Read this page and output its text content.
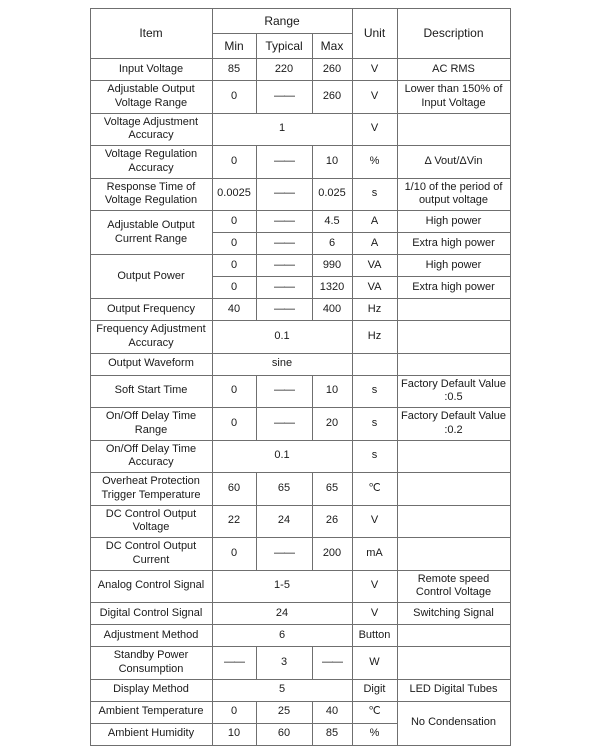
Item	Range			Unit	Description
	Min	Typical	Max		
Input Voltage	85	220	260	V	AC RMS
Adjustable Output Voltage Range	0	——	260	V	Lower than 150% of Input Voltage
Voltage Adjustment Accuracy	1			V	
Voltage Regulation Accuracy	0	——	10	%	Δ Vout/ΔVin
Response Time of Voltage Regulation	0.0025	——	0.025	s	1/10 of the period of output voltage
Adjustable Output Current Range	0	——	4.5	A	High power
	0	——	6	A	Extra high power
Output Power	0	——	990	VA	High power
	0	——	1320	VA	Extra high power
Output Frequency	40	——	400	Hz	
Frequency Adjustment Accuracy	0.1			Hz	
Output Waveform	sine				
Soft Start Time	0	——	10	s	Factory Default Value :0.5
On/Off Delay Time Range	0	——	20	s	Factory Default Value :0.2
On/Off Delay Time Accuracy	0.1			s	
Overheat Protection Trigger Temperature	60	65	65	℃	
DC Control Output Voltage	22	24	26	V	
DC Control Output Current	0	——	200	mA	
Analog Control Signal	1-5			V	Remote speed Control Voltage
Digital Control Signal	24			V	Switching Signal
Adjustment Method	6			Button	
Standby Power Consumption	——	3	——	W	
Display Method	5			Digit	LED Digital Tubes
Ambient Temperature	0	25	40	℃	No Condensation
Ambient Humidity	10	60	85	%	
